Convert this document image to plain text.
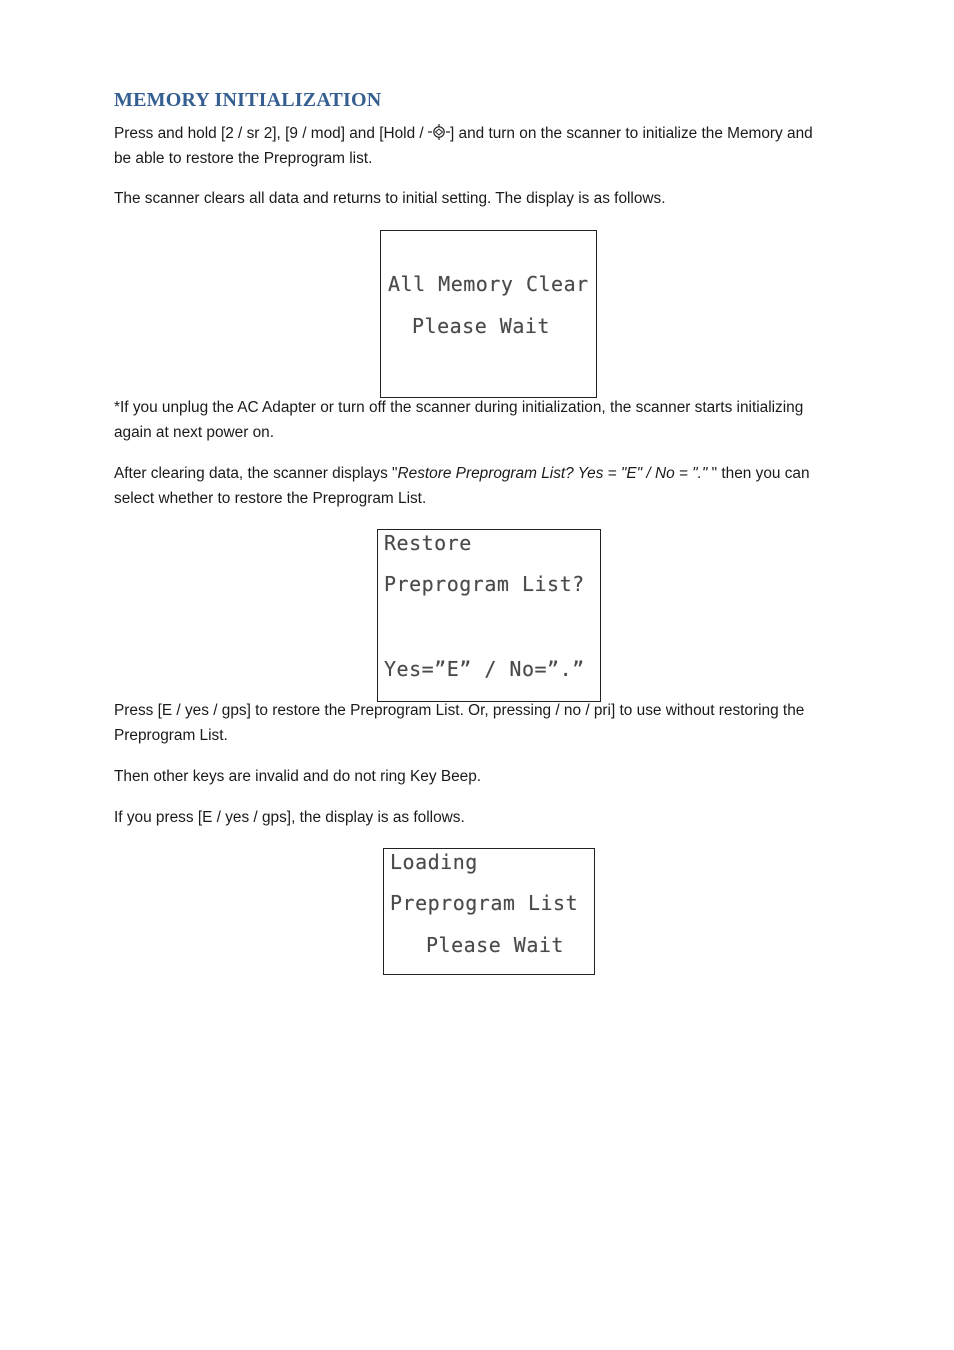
MEMORY INITIALIZATION

Press and hold [2 / sr 2], [9 / mod] and [Hold / ] and turn on the scanner to initialize the Memory and
be able to restore the Preprogram list.

The scanner clears all data and returns to initial setting. The display is as follows.

All Memory Clear
Please Wait

*If you unplug the AC Adapter or turn off the scanner during initialization, the scanner starts initializing
again at next power on.

After clearing data, the scanner displays "Restore Preprogram List? Yes = "E" / No = "." " then you can
select whether to restore the Preprogram List.

Restore
Preprogram List?
Yes=”E” / No=”.”

Press [E / yes / gps] to restore the Preprogram List. Or, pressing / no / pri] to use without restoring the
Preprogram List.

Then other keys are invalid and do not ring Key Beep.

If you press [E / yes / gps], the display is as follows.

Loading
Preprogram List
Please Wait
